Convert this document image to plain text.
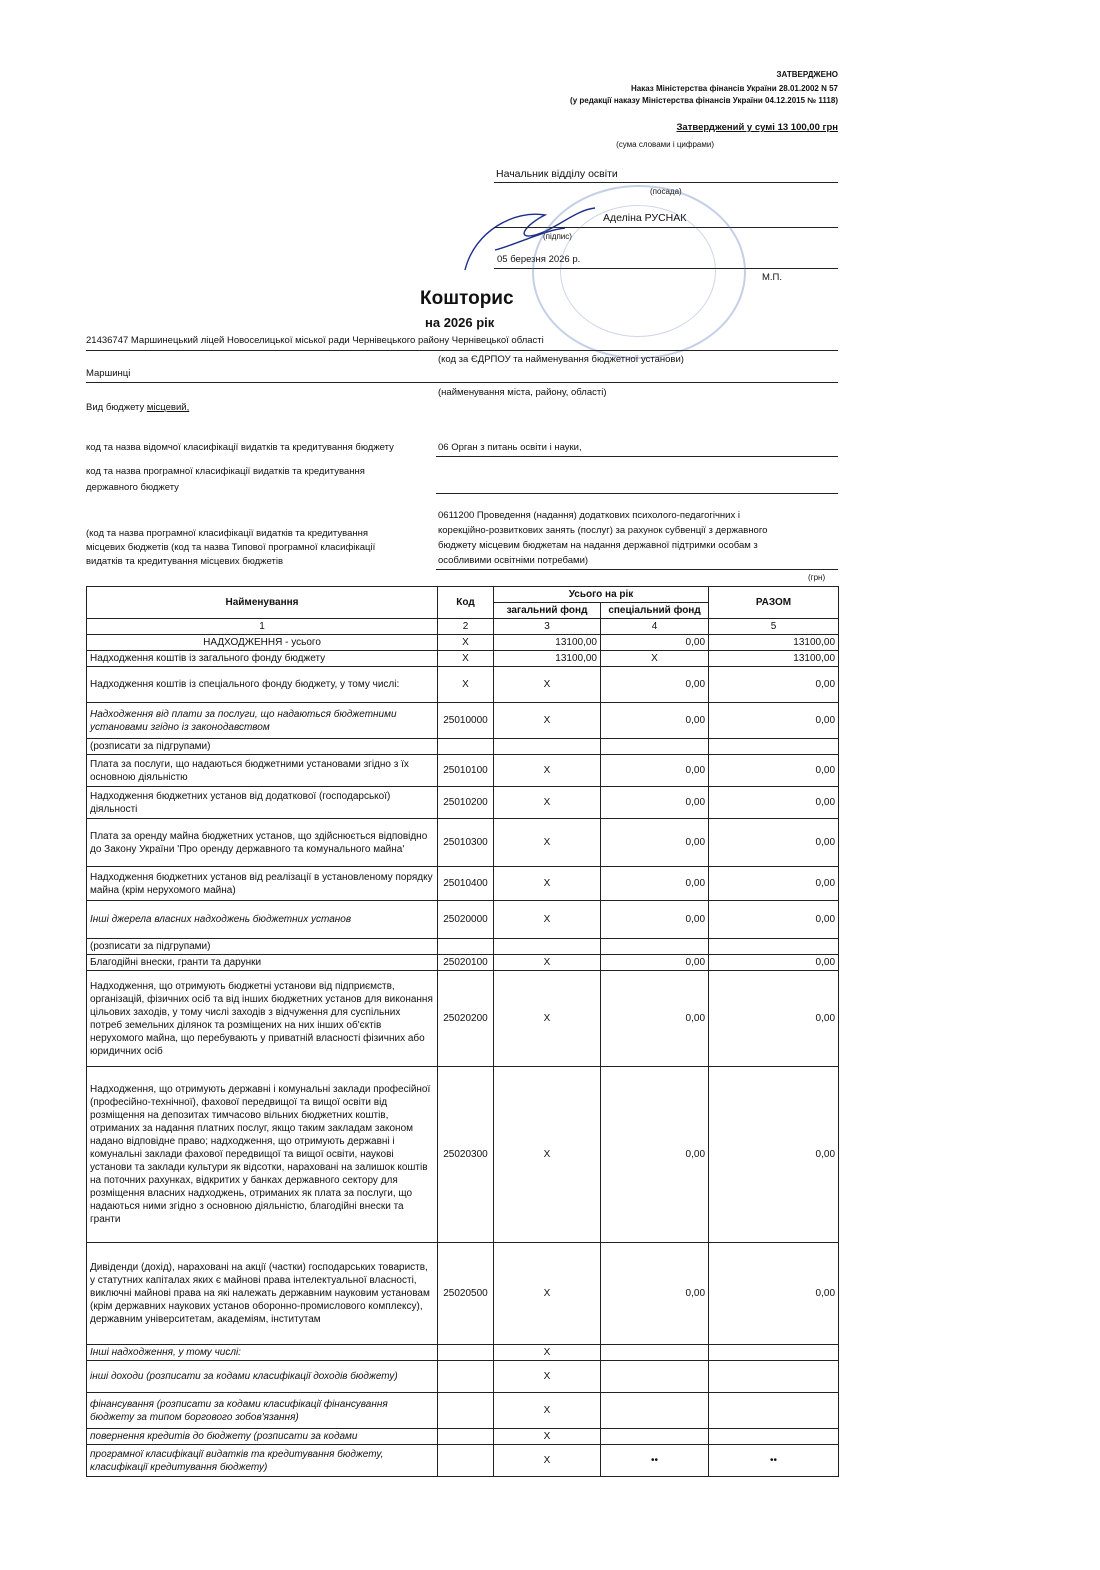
ЗАТВЕРДЖЕНО
Наказ Міністерства фінансів України 28.01.2002 N 57
(у редакції наказу Міністерства фінансів України 04.12.2015 № 1118)
Затверджений у сумі 13 100,00 грн
(сума словами і цифрами)
Начальник відділу освіти
(посада)
Аделіна РУСНАК
(підпис)
05 березня 2026 р.
М.П.
Кошторис
на 2026 рік
21436747 Маршинецький ліцей Новоселицької міської ради Чернівецького району Чернівецької області
(код за ЄДРПОУ та найменування бюджетної установи)
Маршинці
(найменування міста, району, області)
Вид бюджету місцевий,
код та назва відомчої класифікації видатків та кредитування бюджету	06 Орган з питань освіти і науки,
код та назва програмної класифікації видатків та кредитування
державного бюджету
(код та назва програмної класифікації видатків та кредитування
місцевих бюджетів (код та назва Типової програмної класифікації
видатків та кредитування місцевих бюджетів
0611200 Проведення (надання) додаткових психолого-педагогічних і
корекційно-розвиткових занять (послуг) за рахунок субвенції з державного
бюджету місцевим бюджетам на надання державної підтримки особам з
особливими освітніми потребами)
(грн)
Найменування	Код	Усього на рік		РАЗОМ
		загальний фонд	спеціальний фонд	
1	2	3	4	5
НАДХОДЖЕННЯ - усього	Х	13100,00	0,00	13100,00
Надходження коштів із загального фонду бюджету	Х	13100,00	Х	13100,00
Надходження коштів із спеціального фонду бюджету, у тому числі:	Х	Х	0,00	0,00
Надходження від плати за послуги, що надаються бюджетними установами згідно із законодавством	25010000	Х	0,00	0,00
(розписати за підгрупами)				
Плата за послуги, що надаються бюджетними установами згідно з їх основною діяльністю	25010100	Х	0,00	0,00
Надходження бюджетних установ від додаткової (господарської) діяльності	25010200	Х	0,00	0,00
Плата за оренду майна бюджетних установ, що здійснюється відповідно до Закону України 'Про оренду державного та комунального майна'	25010300	Х	0,00	0,00
Надходження бюджетних установ від реалізації в установленому порядку майна (крім нерухомого майна)	25010400	Х	0,00	0,00
Інші джерела власних надходжень бюджетних установ	25020000	Х	0,00	0,00
(розписати за підгрупами)				
Благодійні внески, гранти та дарунки	25020100	Х	0,00	0,00
Надходження, що отримують бюджетні установи від підприємств, організацій, фізичних осіб та від інших бюджетних установ для виконання цільових заходів, у тому числі заходів з відчуження для суспільних потреб земельних ділянок та розміщених на них інших об'єктів нерухомого майна, що перебувають у приватній власності фізичних або юридичних осіб	25020200	Х	0,00	0,00
Надходження, що отримують державні і комунальні заклади професійної (професійно-технічної), фахової передвищої та вищої освіти від розміщення на депозитах тимчасово вільних бюджетних коштів, отриманих за надання платних послуг, якщо таким закладам законом надано відповідне право; надходження, що отримують державні і комунальні заклади фахової передвищої та вищої освіти, наукові установи та заклади культури як відсотки, нараховані на залишок коштів на поточних рахунках, відкритих у банках державного сектору для розміщення власних надходжень, отриманих як плата за послуги, що надаються ними згідно з основною діяльністю, благодійні внески та гранти	25020300	Х	0,00	0,00
Дивіденди (дохід), нараховані на акції (частки) господарських товариств, у статутних капіталах яких є майнові права інтелектуальної власності, виключні майнові права на які належать державним науковим установам (крім державних наукових установ оборонно-промислового комплексу), державним університетам, академіям, інститутам	25020500	Х	0,00	0,00
Інші надходження, у тому числі:		Х		
інші доходи (розписати за кодами класифікації доходів бюджету)		Х		
фінансування (розписати за кодами класифікації фінансування бюджету за типом боргового зобов'язання)		Х		
повернення кредитів до бюджету (розписати за кодами		Х		
програмної класифікації видатків та кредитування бюджету, класифікації кредитування бюджету)		Х	••	••
